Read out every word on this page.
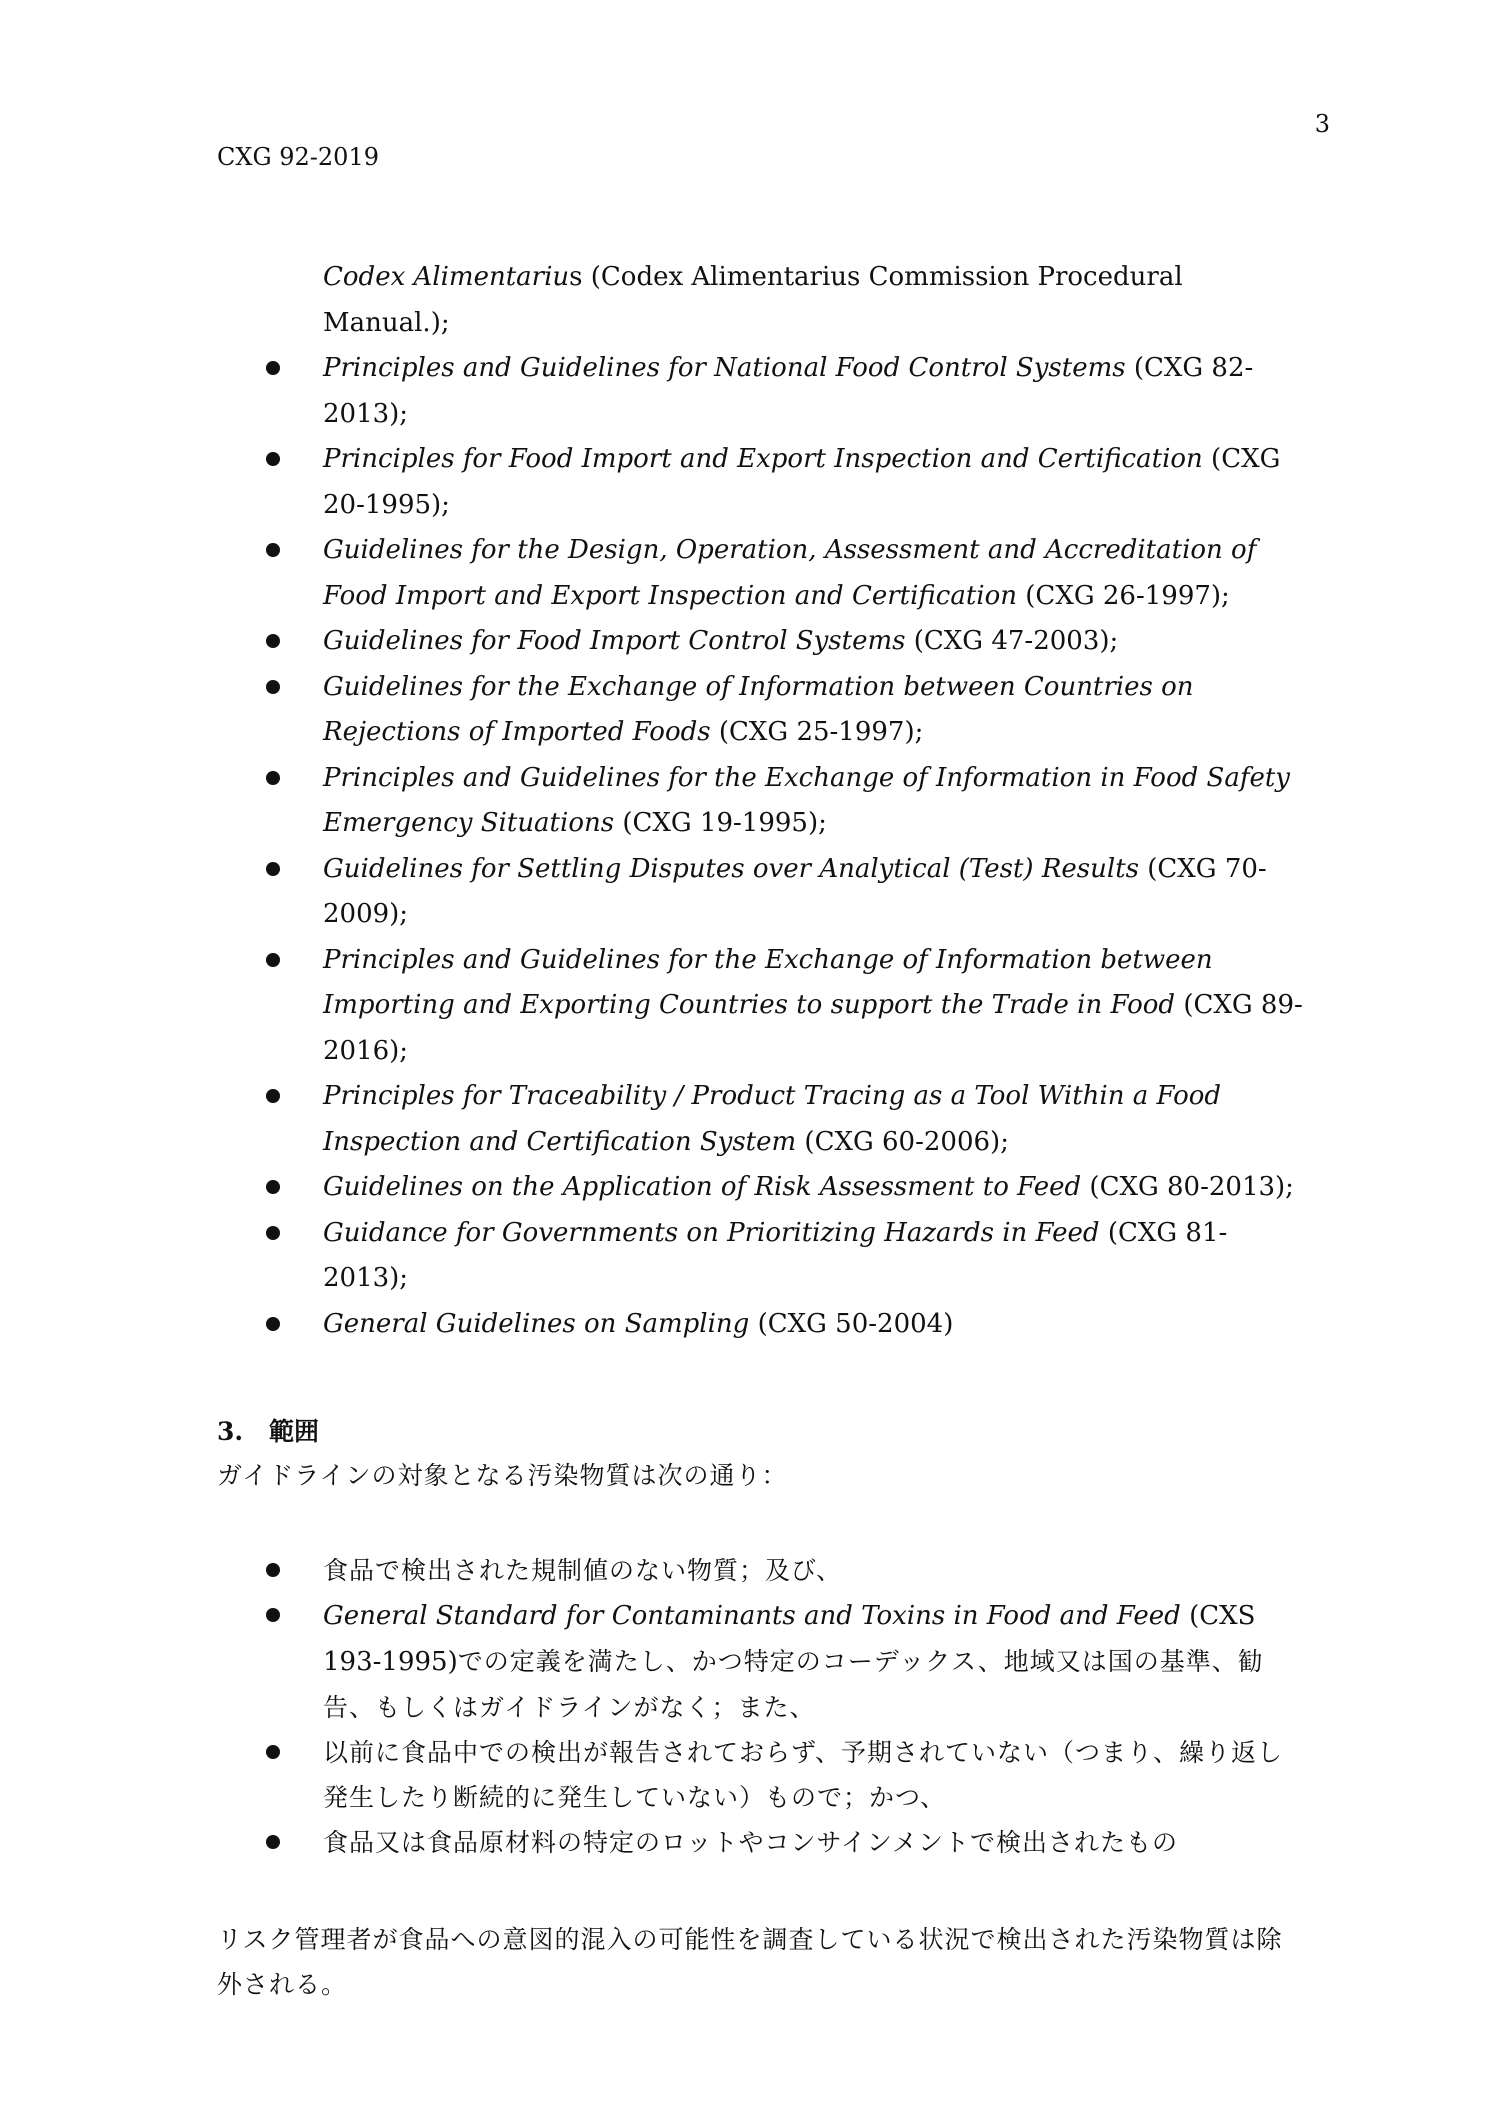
3
CXG 92-2019
Codex Alimentarius (Codex Alimentarius Commission Procedural Manual.);
Principles and Guidelines for National Food Control Systems (CXG 82-2013);
Principles for Food Import and Export Inspection and Certification (CXG 20-1995);
Guidelines for the Design, Operation, Assessment and Accreditation of Food Import and Export Inspection and Certification (CXG 26-1997);
Guidelines for Food Import Control Systems (CXG 47-2003);
Guidelines for the Exchange of Information between Countries on Rejections of Imported Foods (CXG 25-1997);
Principles and Guidelines for the Exchange of Information in Food Safety Emergency Situations (CXG 19-1995);
Guidelines for Settling Disputes over Analytical (Test) Results (CXG 70-2009);
Principles and Guidelines for the Exchange of Information between Importing and Exporting Countries to support the Trade in Food (CXG 89-2016);
Principles for Traceability / Product Tracing as a Tool Within a Food Inspection and Certification System (CXG 60-2006);
Guidelines on the Application of Risk Assessment to Feed (CXG 80-2013);
Guidance for Governments on Prioritizing Hazards in Feed (CXG 81-2013);
General Guidelines on Sampling (CXG 50-2004)
3. 範囲
ガイドラインの対象となる汚染物質は次の通り：
食品で検出された規制値のない物質；及び、
General Standard for Contaminants and Toxins in Food and Feed (CXS 193-1995)での定義を満たし、かつ特定のコーデックス、地域又は国の基準、勧告、もしくはガイドラインがなく；また、
以前に食品中での検出が報告されておらず、予期されていない（つまり、繰り返し発生したり断続的に発生していない）もので；かつ、
食品又は食品原材料の特定のロットやコンサインメントで検出されたもの
リスク管理者が食品への意図的混入の可能性を調査している状況で検出された汚染物質は除外される。
